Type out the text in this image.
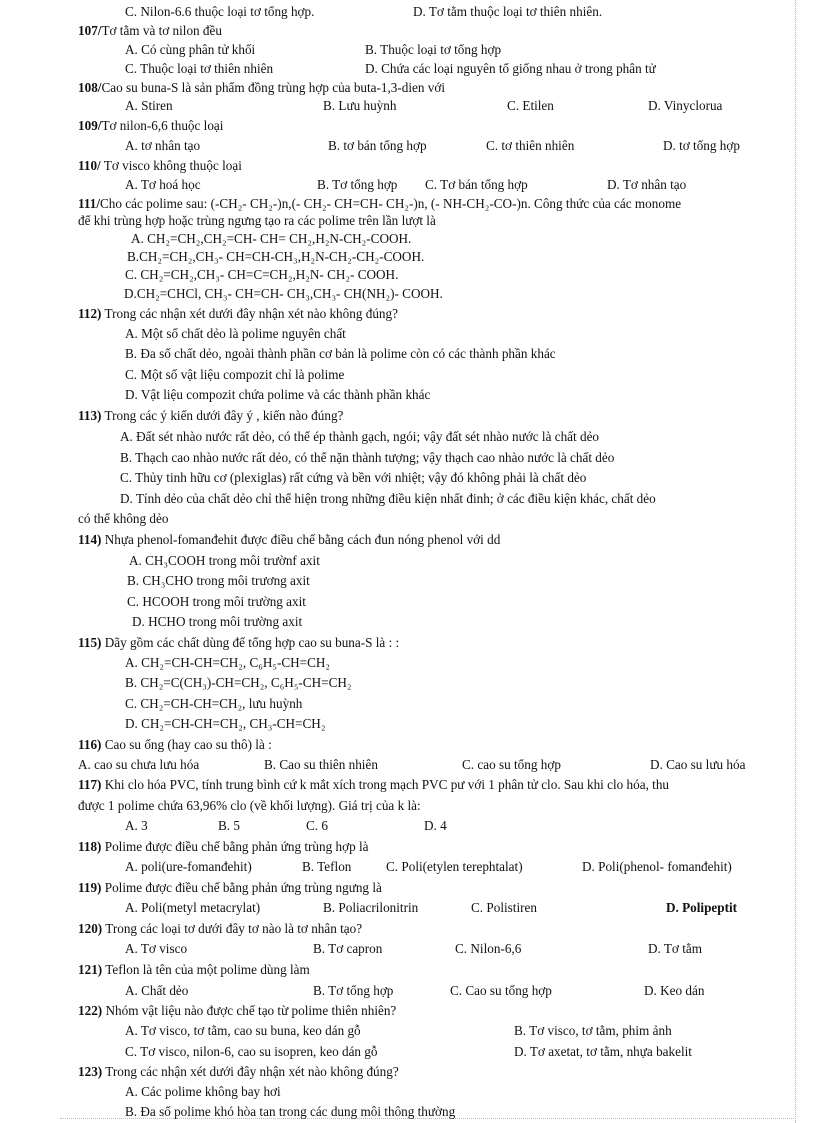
C. Nilon-6.6 thuộc loại tơ tổng hợp.	D. Tơ tằm thuộc loại tơ thiên nhiên.
107/Tơ tằm và tơ nilon đều
A. Có cùng phân tử khối	B. Thuộc loại tơ tổng hợp
C. Thuộc loại tơ thiên nhiên	D. Chứa các loại nguyên tố giống nhau ở trong phân tử
108/Cao su buna-S là sản phẩm đồng trùng hợp của buta-1,3-dien với
A. Stiren	B. Lưu huỳnh	C. Etilen	D. Vinyclorua
109/Tơ nilon-6,6 thuộc loại
A. tơ nhân tạo	B. tơ bán tổng hợp	C. tơ thiên nhiên	D. tơ tổng hợp
110/ Tơ visco không thuộc loại
A. Tơ hoá học	B. Tơ tổng hợp C. Tơ bán tổng hợp	D. Tơ nhân tạo
111/Cho các polime sau: (-CH₂- CH₂-)n,(- CH₂- CH=CH- CH₂-)n, (- NH-CH₂-CO-)n. Công thức của các monome
để khi trùng hợp hoặc trùng ngưng tạo ra các polime trên lần lượt là
A. CH₂=CH₂,CH₂=CH- CH= CH₂,H₂N-CH₂-COOH.
B.CH₂=CH₂,CH₃- CH=CH-CH₃,H₂N-CH₂-CH₂-COOH.
C. CH₂=CH₂,CH₃- CH=C=CH₂,H₂N- CH₂- COOH.
D.CH₂=CHCl, CH₃- CH=CH- CH₃,CH₃- CH(NH₂)- COOH.
112) Trong các nhận xét dưới đây nhận xét nào không đúng?
A. Một số chất dẻo là polime nguyên chất
B. Đa số chất dẻo, ngoài thành phần cơ bản là polime còn có các thành phần khác
C. Một số vật liệu compozit chỉ là polime
D. Vật liệu compozit chứa polime và các thành phần khác
113) Trong các ý kiến dưới đây ý , kiến nào đúng?
A. Đất sét nhào nước rất dẻo, có thể ép thành gạch, ngói; vậy đất sét nhào nước là chất dẻo
B. Thạch cao nhào nước rất dẻo, có thể nặn thành tượng; vậy thạch cao nhào nước là chất dẻo
C. Thủy tinh hữu cơ (plexiglas) rất cứng và bền với nhiệt; vậy đó không phải là chất dẻo
D. Tính dẻo của chất dẻo chỉ thể hiện trong những điều kiện nhất đinh; ở các điều kiện khác, chất dẻo
có thể không dẻo
114) Nhựa phenol-fomanđehit được điều chế bằng cách đun nóng phenol với dd
A. CH₃COOH trong môi trườnf axit
B. CH₃CHO trong môi trương axit
C. HCOOH trong môi trường axit
D. HCHO trong môi trường axit
115) Dãy gồm các chất dùng để tổng hợp cao su buna-S là : :
A. CH₂=CH-CH=CH₂, C₆H₅-CH=CH₂
B. CH₂=C(CH₃)-CH=CH₂, C₆H₅-CH=CH₂
C. CH₂=CH-CH=CH₂, lưu huỳnh
D. CH₂=CH-CH=CH₂, CH₃-CH=CH₂
116) Cao su ống (hay cao su thô) là :
A. cao su chưa lưu hóa	B. Cao su thiên nhiên	C. cao su tổng hợp	D. Cao su lưu hóa
117) Khi clo hóa PVC, tính trung bình cứ k mắt xích trong mạch PVC pư với 1 phân tử clo. Sau khi clo hóa, thu
được 1 polime chứa 63,96% clo (về khối lượng). Giá trị của k là:
A. 3	B. 5	C. 6	D. 4
118) Polime được điều chế bằng phản ứng trùng hợp là
A. poli(ure-fomanđehit)	B. Teflon	C. Poli(etylen terephtalat)	D. Poli(phenol- fomanđehit)
119) Polime được điều chế bằng phản ứng trùng ngưng là
A. Poli(metyl metacrylat)	B. Poliacrilonitrin	C. Polistiren	D. Polipeptit
120) Trong các loại tơ dưới đây tơ nào là tơ nhân tạo?
A. Tơ visco	B. Tơ capron	C. Nilon-6,6	D. Tơ tằm
121) Teflon là tên của một polime dùng làm
A. Chất dẻo	B. Tơ tổng hợp	C. Cao su tổng hợp	D. Keo dán
122) Nhóm vật liệu nào được chế tạo từ polime thiên nhiên?
A. Tơ visco, tơ tằm, cao su buna, keo dán gỗ	B. Tơ visco, tơ tằm, phim ảnh
C. Tơ visco, nilon-6, cao su isopren, keo dán gỗ	D. Tơ axetat, tơ tằm, nhựa bakelit
123) Trong các nhận xét dưới đây nhận xét nào không đúng?
A. Các polime không bay hơi
B. Đa số polime khó hòa tan trong các dung môi thông thường
